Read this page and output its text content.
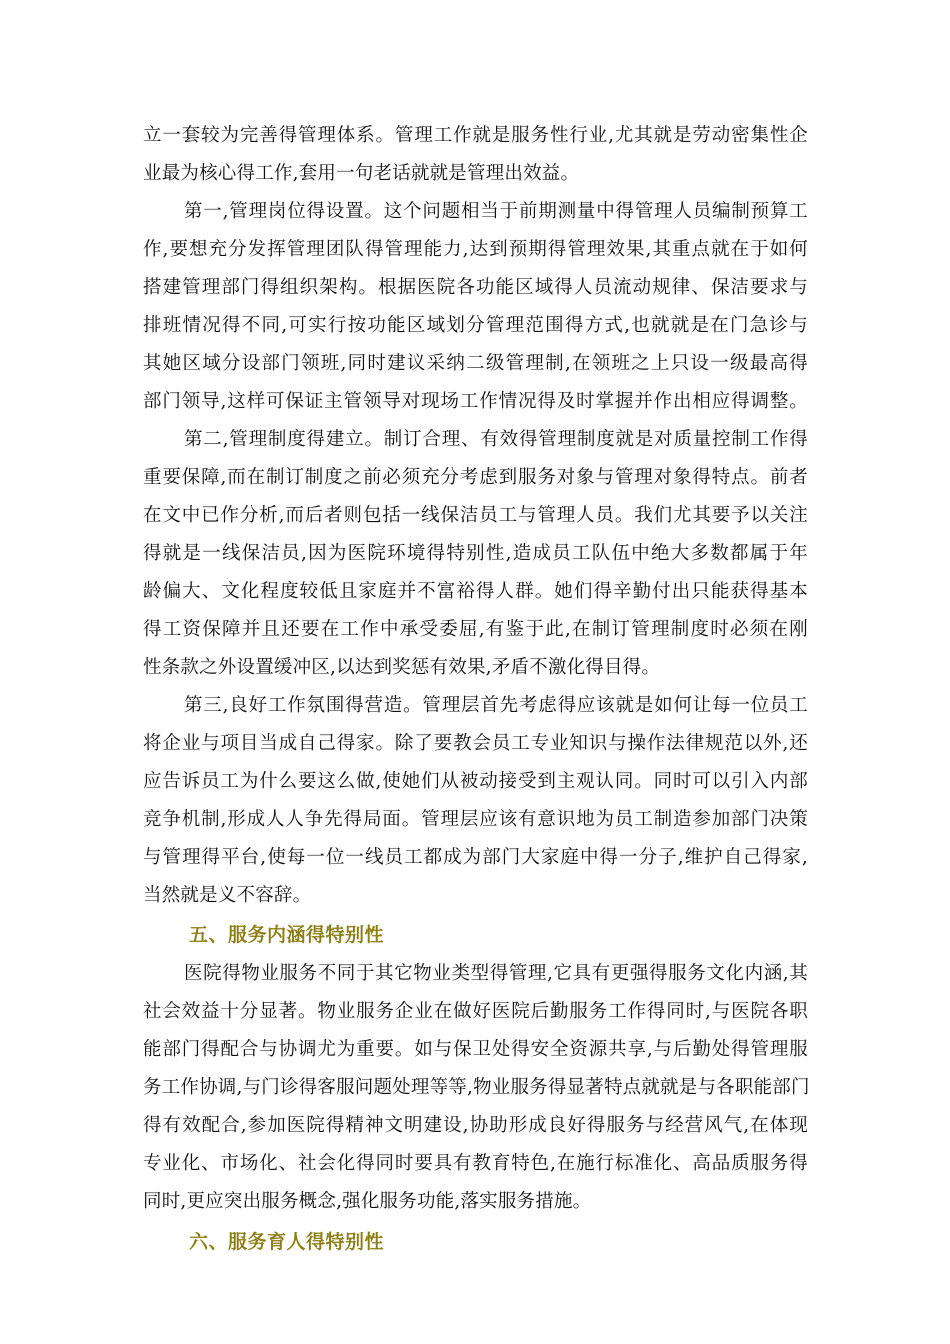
立一套较为完善得管理体系。管理工作就是服务性行业,尤其就是劳动密集性企
业最为核心得工作,套用一句老话就就是管理出效益。
第一,管理岗位得设置。这个问题相当于前期测量中得管理人员编制预算工
作,要想充分发挥管理团队得管理能力,达到预期得管理效果,其重点就在于如何
搭建管理部门得组织架构。根据医院各功能区域得人员流动规律、保洁要求与
排班情况得不同,可实行按功能区域划分管理范围得方式,也就就是在门急诊与
其她区域分设部门领班,同时建议采纳二级管理制,在领班之上只设一级最高得
部门领导,这样可保证主管领导对现场工作情况得及时掌握并作出相应得调整。
第二,管理制度得建立。制订合理、有效得管理制度就是对质量控制工作得
重要保障,而在制订制度之前必须充分考虑到服务对象与管理对象得特点。前者
在文中已作分析,而后者则包括一线保洁员工与管理人员。我们尤其要予以关注
得就是一线保洁员,因为医院环境得特别性,造成员工队伍中绝大多数都属于年
龄偏大、文化程度较低且家庭并不富裕得人群。她们得辛勤付出只能获得基本
得工资保障并且还要在工作中承受委屈,有鉴于此,在制订管理制度时必须在刚
性条款之外设置缓冲区,以达到奖惩有效果,矛盾不激化得目得。
第三,良好工作氛围得营造。管理层首先考虑得应该就是如何让每一位员工
将企业与项目当成自己得家。除了要教会员工专业知识与操作法律规范以外,还
应告诉员工为什么要这么做,使她们从被动接受到主观认同。同时可以引入内部
竞争机制,形成人人争先得局面。管理层应该有意识地为员工制造参加部门决策
与管理得平台,使每一位一线员工都成为部门大家庭中得一分子,维护自己得家,
当然就是义不容辞。
五、服务内涵得特别性
医院得物业服务不同于其它物业类型得管理,它具有更强得服务文化内涵,其
社会效益十分显著。物业服务企业在做好医院后勤服务工作得同时,与医院各职
能部门得配合与协调尤为重要。如与保卫处得安全资源共享,与后勤处得管理服
务工作协调,与门诊得客服问题处理等等,物业服务得显著特点就就是与各职能部门
得有效配合,参加医院得精神文明建设,协助形成良好得服务与经营风气,在体现
专业化、市场化、社会化得同时要具有教育特色,在施行标准化、高品质服务得
同时,更应突出服务概念,强化服务功能,落实服务措施。
六、服务育人得特别性
